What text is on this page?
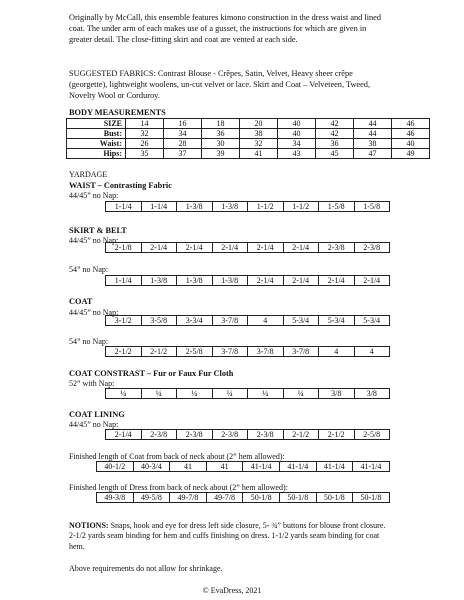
Originally by McCall, this ensemble features kimono construction in the dress waist and lined coat. The under arm of each makes use of a gusset, the instructions for which are given in greater detail. The close-fitting skirt and coat are vented at each side.
SUGGESTED FABRICS: Contrast Blouse - Crêpes, Satin, Velvet, Heavy sheer crêpe (georgette), lightweight woolens, un-cut velvet or lace. Skirt and Coat – Velveteen, Tweed, Novelty Wool or Corduroy.
BODY MEASUREMENTS
SIZE	14	16	18	20	40	42	44	46
Bust:	32	34	36	38	40	42	44	46
Waist:	26	28	30	32	34	36	38	40
Hips:	35	37	39	41	43	45	47	49
YARDAGE
WAIST – Contrasting Fabric
44/45” no Nap:
1-1/4	1-1/4	1-3/8	1-3/8	1-1/2	1-1/2	1-5/8	1-5/8
SKIRT & BELT
44/45” no Nap:
2-1/8	2-1/4	2-1/4	2-1/4	2-1/4	2-1/4	2-3/8	2-3/8
54” no Nap:
1-1/4	1-3/8	1-3/8	1-3/8	2-1/4	2-1/4	2-1/4	2-1/4
COAT
44/45” no Nap:
3-1/2	3-5/8	3-3/4	3-7/8	4	5-3/4	5-3/4	5-3/4
54” no Nap:
2-1/2	2-1/2	2-5/8	3-7/8	3-7/8	3-7/8	4	4
COAT CONSTRAST – Fur or Faux Fur Cloth
52” with Nap:
¼	¼	¼	¼	¼	¼	3/8	3/8
COAT LINING
44/45” no Nap:
2-1/4	2-3/8	2-3/8	2-3/8	2-3/8	2-1/2	2-1/2	2-5/8
Finished length of Coat from back of neck about (2” hem allowed):
40-1/2	40-3/4	41	41	41-1/4	41-1/4	41-1/4	41-1/4
Finished length of Dress from back of neck about (2” hem allowed):
49-3/8	49-5/8	49-7/8	49-7/8	50-1/8	50-1/8	50-1/8	50-1/8
NOTIONS: Snaps, hook and eye for dress left side closure, 5- ¾” buttons for blouse front closure. 2-1/2 yards seam binding for hem and cuffs finishing on dress. 1-1/2 yards seam binding for coat hem.
Above requirements do not allow for shrinkage.
© EvaDress, 2021
